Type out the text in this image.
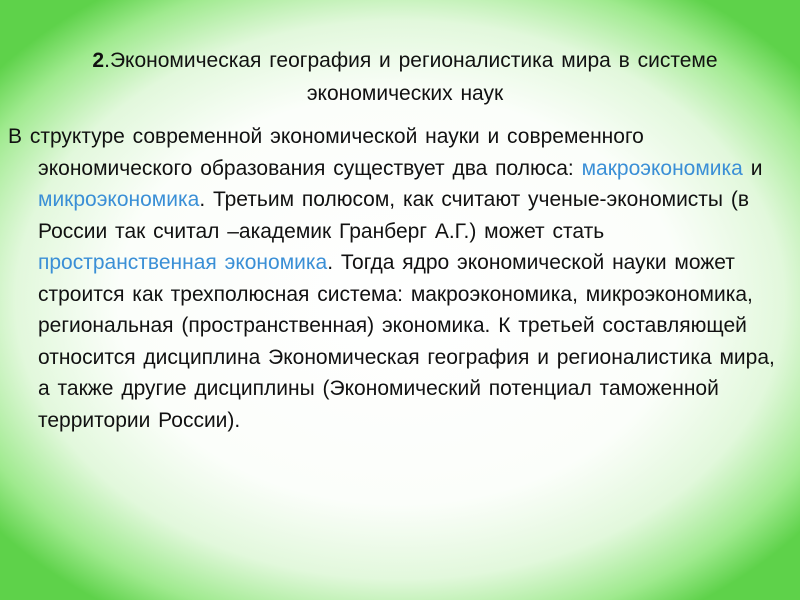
2.Экономическая география и регионалистика мира в системе экономических наук
В структуре современной экономической науки и современного экономического образования существует два полюса: макроэкономика и микроэкономика. Третьим полюсом, как считают ученые-экономисты (в России так считал –академик Гранберг А.Г.) может стать пространственная экономика. Тогда ядро экономической науки может строится как трехполюсная система: макроэкономика, микроэкономика, региональная (пространственная) экономика. К третьей составляющей относится дисциплина Экономическая география и регионалистика мира, а также другие дисциплины (Экономический потенциал таможенной территории России).
